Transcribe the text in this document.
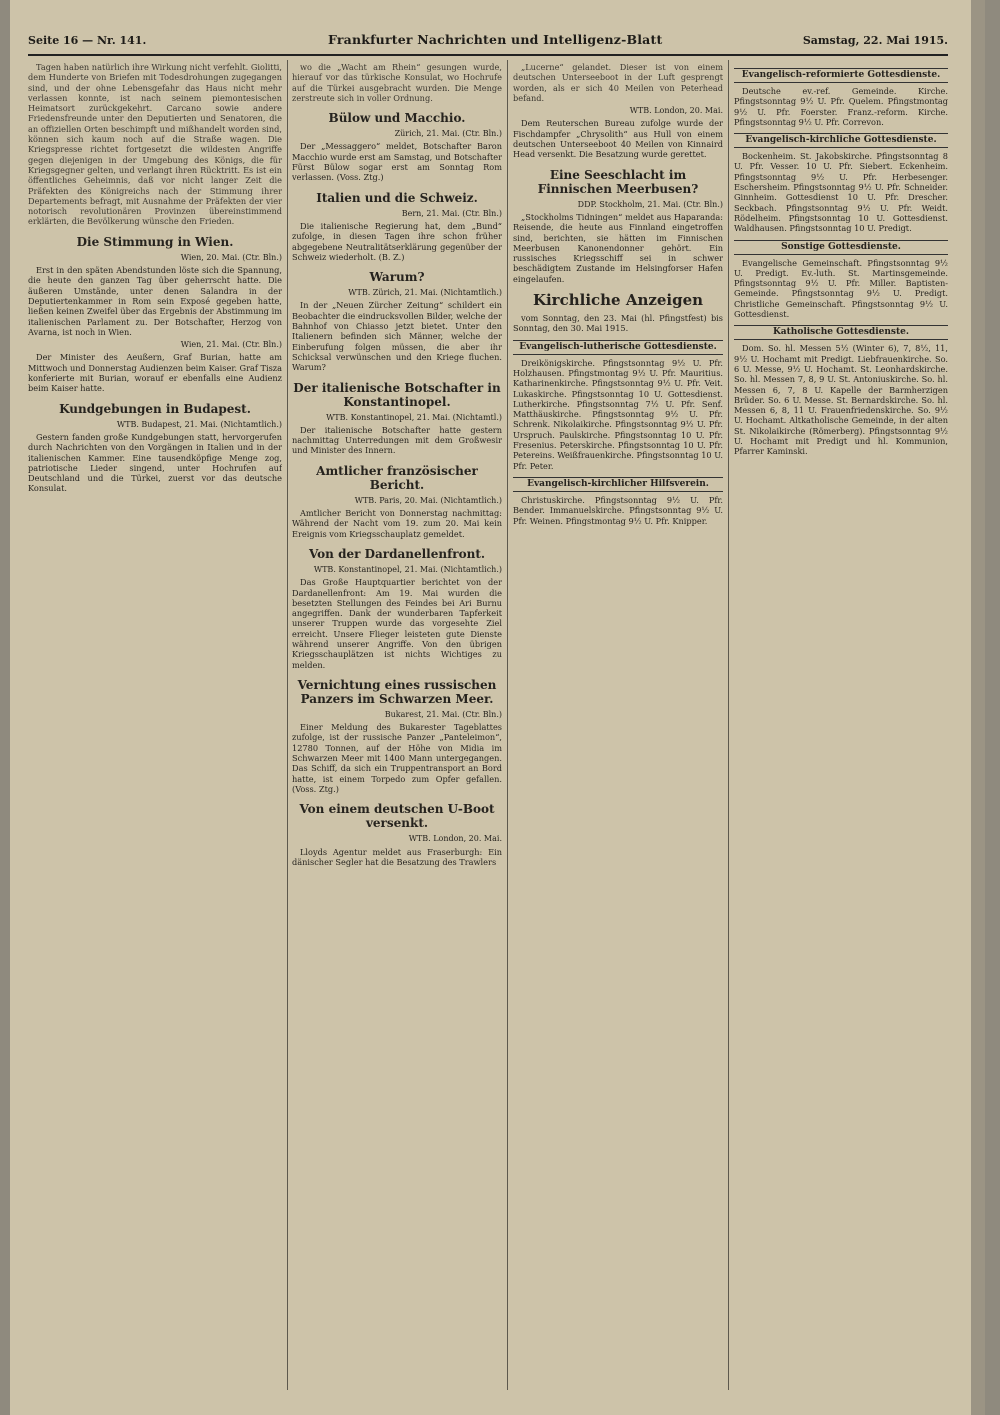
Seite 16 — Nr. 141.	Frankfurter Nachrichten und Intelligenz-Blatt	Samstag, 22. Mai 1915.

Tagen haben natürlich ihre Wirkung nicht verfehlt. Giolitti, dem Hunderte von Briefen mit Todesdrohungen zugegangen sind, und der ohne Lebensgefahr das Haus nicht mehr verlassen konnte, ist nach seinem piemontesischen Heimatsort zurückgekehrt. Carcano sowie andere Friedensfreunde unter den Deputierten und Senatoren, die an offiziellen Orten beschimpft und mißhandelt worden sind, können sich kaum noch auf die Straße wagen. Die Kriegspresse richtet fortgesetzt die wildesten Angriffe gegen diejenigen in der Umgebung des Königs, die für Kriegsgegner gelten, und verlangt ihren Rücktritt. Es ist ein öffentliches Geheimnis, daß vor nicht langer Zeit die Präfekten des Königreichs nach der Stimmung ihrer Departements befragt, mit Ausnahme der Präfekten der vier notorisch revolutionären Provinzen übereinstimmend erklärten, die Bevölkerung wünsche den Frieden.

Die Stimmung in Wien.
Wien, 20. Mai. (Ctr. Bln.)

Erst in den späten Abendstunden löste sich die Spannung, die heute den ganzen Tag über geherrscht hatte. Die äußeren Umstände, unter denen Salandra in der Deputiertenkammer in Rom sein Exposé gegeben hatte, ließen keinen Zweifel über das Ergebnis der Abstimmung im italienischen Parlament zu. Der Botschafter, Herzog von Avarna, ist noch in Wien.

Wien, 21. Mai. (Ctr. Bln.)

Der Minister des Aeußern, Graf Burian, hatte am Mittwoch und Donnerstag Audienzen beim Kaiser. Graf Tisza konferierte mit Burian, worauf er ebenfalls eine Audienz beim Kaiser hatte.

Kundgebungen in Budapest.
WTB. Budapest, 21. Mai. (Nichtamtlich.)

Gestern fanden große Kundgebungen statt, hervorgerufen durch Nachrichten von den Vorgängen in Italien und in der italienischen Kammer. Eine tausendköpfige Menge zog, patriotische Lieder singend, unter Hochrufen auf Deutschland und die Türkei, zuerst vor das deutsche Konsulat.

wo die „Wacht am Rhein“ gesungen wurde, hierauf vor das türkische Konsulat, wo Hochrufe auf die Türkei ausgebracht wurden. Die Menge zerstreute sich in voller Ordnung.

Bülow und Macchio.
Zürich, 21. Mai. (Ctr. Bln.)

Der „Messaggero“ meldet, Botschafter Baron Macchio wurde erst am Samstag, und Botschafter Fürst Bülow sogar erst am Sonntag Rom verlassen. (Voss. Ztg.)

Italien und die Schweiz.
Bern, 21. Mai. (Ctr. Bln.)

Die italienische Regierung hat, dem „Bund“ zufolge, in diesen Tagen ihre schon früher abgegebene Neutralitätserklärung gegenüber der Schweiz wiederholt. (B. Z.)

Warum?
WTB. Zürich, 21. Mai. (Nichtamtlich.)

In der „Neuen Zürcher Zeitung“ schildert ein Beobachter die eindrucksvollen Bilder, welche der Bahnhof von Chiasso jetzt bietet. Unter den Italienern befinden sich Männer, welche der Einberufung folgen müssen, die aber ihr Schicksal verwünschen und den Kriege fluchen. Warum?

Der italienische Botschafter in Konstantinopel.
WTB. Konstantinopel, 21. Mai. (Nichtamtl.)

Der italienische Botschafter hatte gestern nachmittag Unterredungen mit dem Großwesir und Minister des Innern.

Amtlicher französischer Bericht.
WTB. Paris, 20. Mai. (Nichtamtlich.)

Amtlicher Bericht von Donnerstag nachmittag: Während der Nacht vom 19. zum 20. Mai kein Ereignis vom Kriegsschauplatz gemeldet.

Von der Dardanellenfront.
WTB. Konstantinopel, 21. Mai. (Nichtamtlich.)

Das Große Hauptquartier berichtet von der Dardanellenfront: Am 19. Mai wurden die besetzten Stellungen des Feindes bei Ari Burnu angegriffen. Dank der wunderbaren Tapferkeit unserer Truppen wurde das vorgesehte Ziel erreicht. Unsere Flieger leisteten gute Dienste während unserer Angriffe. Von den übrigen Kriegsschauplätzen ist nichts Wichtiges zu melden.

Vernichtung eines russischen Panzers im Schwarzen Meer.
Bukarest, 21. Mai. (Ctr. Bln.)

Einer Meldung des Bukarester Tageblattes zufolge, ist der russische Panzer „Panteleimon“, 12780 Tonnen, auf der Höhe von Midia im Schwarzen Meer mit 1400 Mann untergegangen. Das Schiff, da sich ein Truppentransport an Bord hatte, ist einem Torpedo zum Opfer gefallen. (Voss. Ztg.)

Von einem deutschen U-Boot versenkt.
WTB. London, 20. Mai.

Lloyds Agentur meldet aus Fraserburgh: Ein dänischer Segler hat die Besatzung des Trawlers

„Lucerne“ gelandet. Dieser ist von einem deutschen Unterseeboot in der Luft gesprengt worden, als er sich 40 Meilen von Peterhead befand.

WTB. London, 20. Mai.

Dem Reuterschen Bureau zufolge wurde der Fischdampfer „Chrysolith“ aus Hull von einem deutschen Unterseeboot 40 Meilen von Kinnaird Head versenkt. Die Besatzung wurde gerettet.

Eine Seeschlacht im Finnischen Meerbusen?
DDP. Stockholm, 21. Mai. (Ctr. Bln.)

„Stockholms Tidningen“ meldet aus Haparanda: Reisende, die heute aus Finnland eingetroffen sind, berichten, sie hätten im Finnischen Meerbusen Kanonendonner gehört. Ein russisches Kriegsschiff sei in schwer beschädigtem Zustande im Helsingforser Hafen eingelaufen.

Kirchliche Anzeigen

vom Sonntag, den 23. Mai (hl. Pfingstfest) bis Sonntag, den 30. Mai 1915.

Evangelisch-lutherische Gottesdienste.

Dreikönigskirche. Pfingstsonntag 9½ U. Pfr. Holzhausen. Pfingstmontag 9½ U. Pfr. Mauritius. Katharinenkirche. Pfingstsonntag 9½ U. Pfr. Veit. Lukaskirche. Pfingstsonntag 10 U. Gottesdienst. Lutherkirche. Pfingstsonntag 7½ U. Pfr. Senf. Matthäuskirche. Pfingstsonntag 9½ U. Pfr. Schrenk. Nikolaikirche. Pfingstsonntag 9½ U. Pfr. Urspruch. Paulskirche. Pfingstsonntag 10 U. Pfr. Fresenius. Peterskirche. Pfingstsonntag 10 U. Pfr. Petereins. Weißfrauenkirche. Pfingstsonntag 10 U. Pfr. Peter.

Evangelisch-kirchlicher Hilfsverein.

Christuskirche. Pfingstsonntag 9½ U. Pfr. Bender. Immanuelskirche. Pfingstsonntag 9½ U. Pfr. Weinen. Pfingstmontag 9½ U. Pfr. Knipper.

Evangelisch-reformierte Gottesdienste.

Deutsche ev.-ref. Gemeinde. Kirche. Pfingstsonntag 9½ U. Pfr. Quelem. Pfingstmontag 9½ U. Pfr. Foerster. Franz.-reform. Kirche. Pfingstsonntag 9½ U. Pfr. Correvon.

Evangelisch-kirchliche Gottesdienste.

Bockenheim. St. Jakobskirche. Pfingstsonntag 8 U. Pfr. Vesser. 10 U. Pfr. Siebert. Eckenheim. Pfingstsonntag 9½ U. Pfr. Herbesenger. Eschersheim. Pfingstsonntag 9½ U. Pfr. Schneider. Ginnheim. Gottesdienst 10 U. Pfr. Drescher. Seckbach. Pfingstsonntag 9½ U. Pfr. Weidt. Rödelheim. Pfingstsonntag 10 U. Gottesdienst. Waldhausen. Pfingstsonntag 10 U. Predigt.

Sonstige Gottesdienste.

Evangelische Gemeinschaft. Pfingstsonntag 9½ U. Predigt. Ev.-luth. St. Martinsgemeinde. Pfingstsonntag 9½ U. Pfr. Miller. Baptisten-Gemeinde. Pfingstsonntag 9½ U. Predigt. Christliche Gemeinschaft. Pfingstsonntag 9½ U. Gottesdienst.

Katholische Gottesdienste.

Dom. So. hl. Messen 5½ (Winter 6), 7, 8½, 11, 9½ U. Hochamt mit Predigt. Liebfrauenkirche. So. 6 U. Messe, 9½ U. Hochamt. St. Leonhardskirche. So. hl. Messen 7, 8, 9 U. St. Antoniuskirche. So. hl. Messen 6, 7, 8 U. Kapelle der Barmherzigen Brüder. So. 6 U. Messe. St. Bernardskirche. So. hl. Messen 6, 8, 11 U. Frauenfriedenskirche. So. 9½ U. Hochamt. Altkatholische Gemeinde, in der alten St. Nikolaikirche (Römerberg). Pfingstsonntag 9½ U. Hochamt mit Predigt und hl. Kommunion, Pfarrer Kaminski.
